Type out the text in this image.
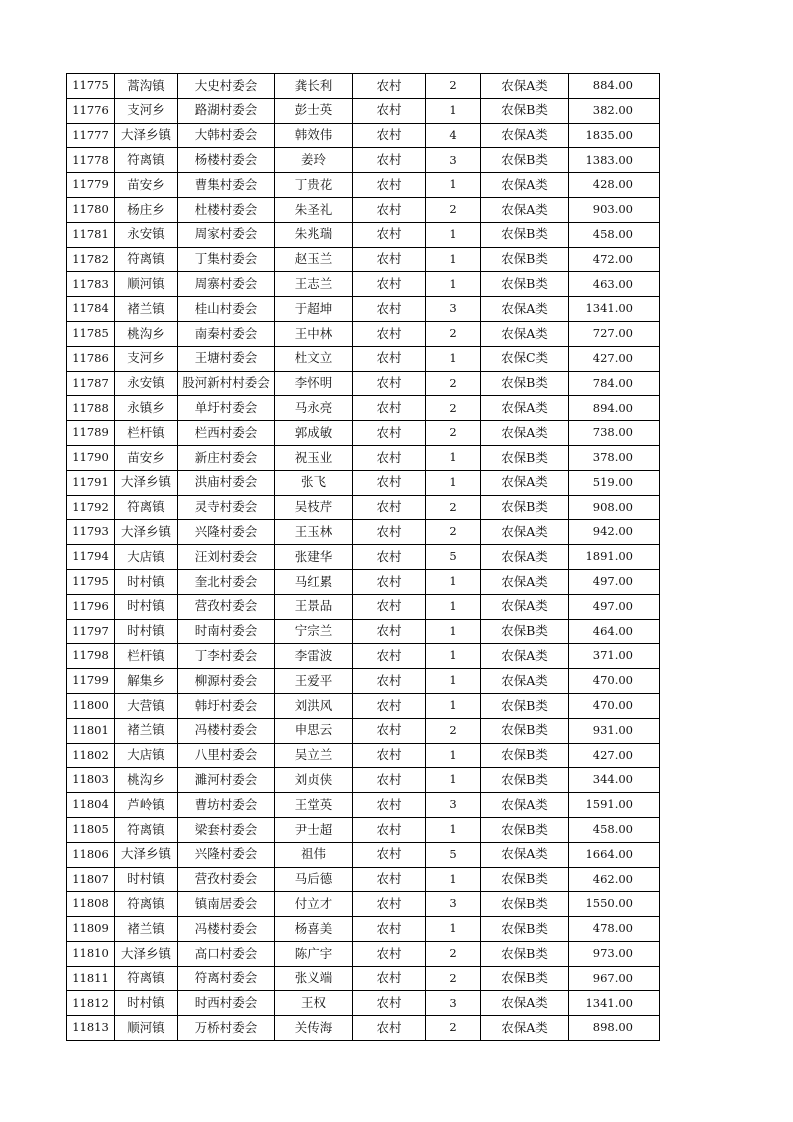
11775	蒿沟镇	大史村委会	龚长利	农村	2	农保A类	884.00
11776	支河乡	路湖村委会	彭士英	农村	1	农保B类	382.00
11777	大泽乡镇	大韩村委会	韩效伟	农村	4	农保A类	1835.00
11778	符离镇	杨楼村委会	姜玲	农村	3	农保B类	1383.00
11779	苗安乡	曹集村委会	丁贵花	农村	1	农保A类	428.00
11780	杨庄乡	杜楼村委会	朱圣礼	农村	2	农保A类	903.00
11781	永安镇	周家村委会	朱兆瑞	农村	1	农保B类	458.00
11782	符离镇	丁集村委会	赵玉兰	农村	1	农保B类	472.00
11783	顺河镇	周寨村委会	王志兰	农村	1	农保B类	463.00
11784	褚兰镇	桂山村委会	于超坤	农村	3	农保A类	1341.00
11785	桃沟乡	南秦村委会	王中林	农村	2	农保A类	727.00
11786	支河乡	王塘村委会	杜文立	农村	1	农保C类	427.00
11787	永安镇	股河新村村委会	李怀明	农村	2	农保B类	784.00
11788	永镇乡	单圩村委会	马永亮	农村	2	农保A类	894.00
11789	栏杆镇	栏西村委会	郭成敏	农村	2	农保A类	738.00
11790	苗安乡	新庄村委会	祝玉业	农村	1	农保B类	378.00
11791	大泽乡镇	洪庙村委会	张飞	农村	1	农保A类	519.00
11792	符离镇	灵寺村委会	吴枝芹	农村	2	农保B类	908.00
11793	大泽乡镇	兴隆村委会	王玉林	农村	2	农保A类	942.00
11794	大店镇	汪刘村委会	张建华	农村	5	农保A类	1891.00
11795	时村镇	奎北村委会	马红累	农村	1	农保A类	497.00
11796	时村镇	营孜村委会	王景品	农村	1	农保A类	497.00
11797	时村镇	时南村委会	宁宗兰	农村	1	农保B类	464.00
11798	栏杆镇	丁李村委会	李雷波	农村	1	农保A类	371.00
11799	解集乡	柳源村委会	王爱平	农村	1	农保A类	470.00
11800	大营镇	韩圩村委会	刘洪风	农村	1	农保B类	470.00
11801	褚兰镇	冯楼村委会	申思云	农村	2	农保B类	931.00
11802	大店镇	八里村委会	吴立兰	农村	1	农保B类	427.00
11803	桃沟乡	濉河村委会	刘贞侠	农村	1	农保B类	344.00
11804	芦岭镇	曹坊村委会	王堂英	农村	3	农保A类	1591.00
11805	符离镇	梁套村委会	尹士超	农村	1	农保B类	458.00
11806	大泽乡镇	兴隆村委会	祖伟	农村	5	农保A类	1664.00
11807	时村镇	营孜村委会	马后德	农村	1	农保B类	462.00
11808	符离镇	镇南居委会	付立才	农村	3	农保B类	1550.00
11809	褚兰镇	冯楼村委会	杨喜美	农村	1	农保B类	478.00
11810	大泽乡镇	高口村委会	陈广宇	农村	2	农保B类	973.00
11811	符离镇	符离村委会	张义端	农村	2	农保B类	967.00
11812	时村镇	时西村委会	王权	农村	3	农保A类	1341.00
11813	顺河镇	万桥村委会	关传海	农村	2	农保A类	898.00
